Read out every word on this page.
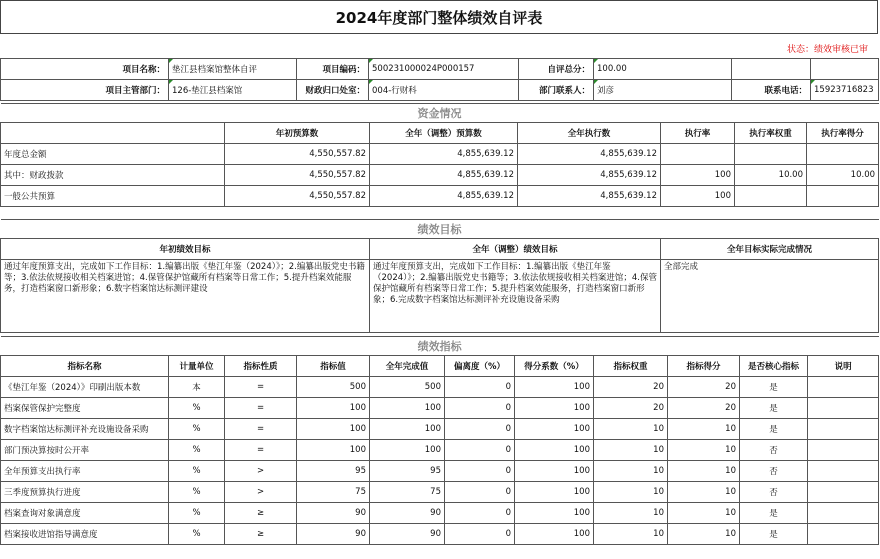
2024年度部门整体绩效自评表
状态：绩效审核已审
项目名称：	垫江县档案馆整体自评	项目编码：	500231000024P000157	自评总分：	100.00		
项目主管部门：	126-垫江县档案馆	财政归口处室：	004-行财科	部门联系人：	刘彦	联系电话：	15923716823
资金情况						
	年初预算数	全年（调整）预算数	全年执行数	执行率	执行率权重	执行率得分
年度总金额	4,550,557.82	4,855,639.12	4,855,639.12			
其中：财政拨款	4,550,557.82	4,855,639.12	4,855,639.12	100	10.00	10.00
一般公共预算	4,550,557.82	4,855,639.12	4,855,639.12	100		
绩效目标		
年初绩效目标	全年（调整）绩效目标	全年目标实际完成情况
通过年度预算支出，完成如下工作目标：1.编纂出版《垫江年鉴（2024）》；2.编纂出版党史书籍等；3.依法依规接收相关档案进馆；4.保管保护馆藏所有档案等日常工作；5.提升档案效能服务，打造档案窗口新形象；6.数字档案馆达标测评建设	通过年度预算支出，完成如下工作目标：1.编纂出版《垫江年鉴（2024）》；2.编纂出版党史书籍等；3.依法依规接收相关档案进馆；4.保管保护馆藏所有档案等日常工作；5.提升档案效能服务，打造档案窗口新形象；6.完成数字档案馆达标测评补充设施设备采购	全部完成
绩效指标										
指标名称	计量单位	指标性质	指标值	全年完成值	偏离度（%）	得分系数（%）	指标权重	指标得分	是否核心指标	说明
《垫江年鉴（2024）》印刷出版本数	本	=	500	500	0	100	20	20	是	
档案保管保护完整度	%	=	100	100	0	100	20	20	是	
数字档案馆达标测评补充设施设备采购	%	=	100	100	0	100	10	10	是	
部门预决算按时公开率	%	=	100	100	0	100	10	10	否	
全年预算支出执行率	%	>	95	95	0	100	10	10	否	
三季度预算执行进度	%	>	75	75	0	100	10	10	否	
档案查询对象满意度	%	≥	90	90	0	100	10	10	是	
档案接收进馆指导满意度	%	≥	90	90	0	100	10	10	是	
